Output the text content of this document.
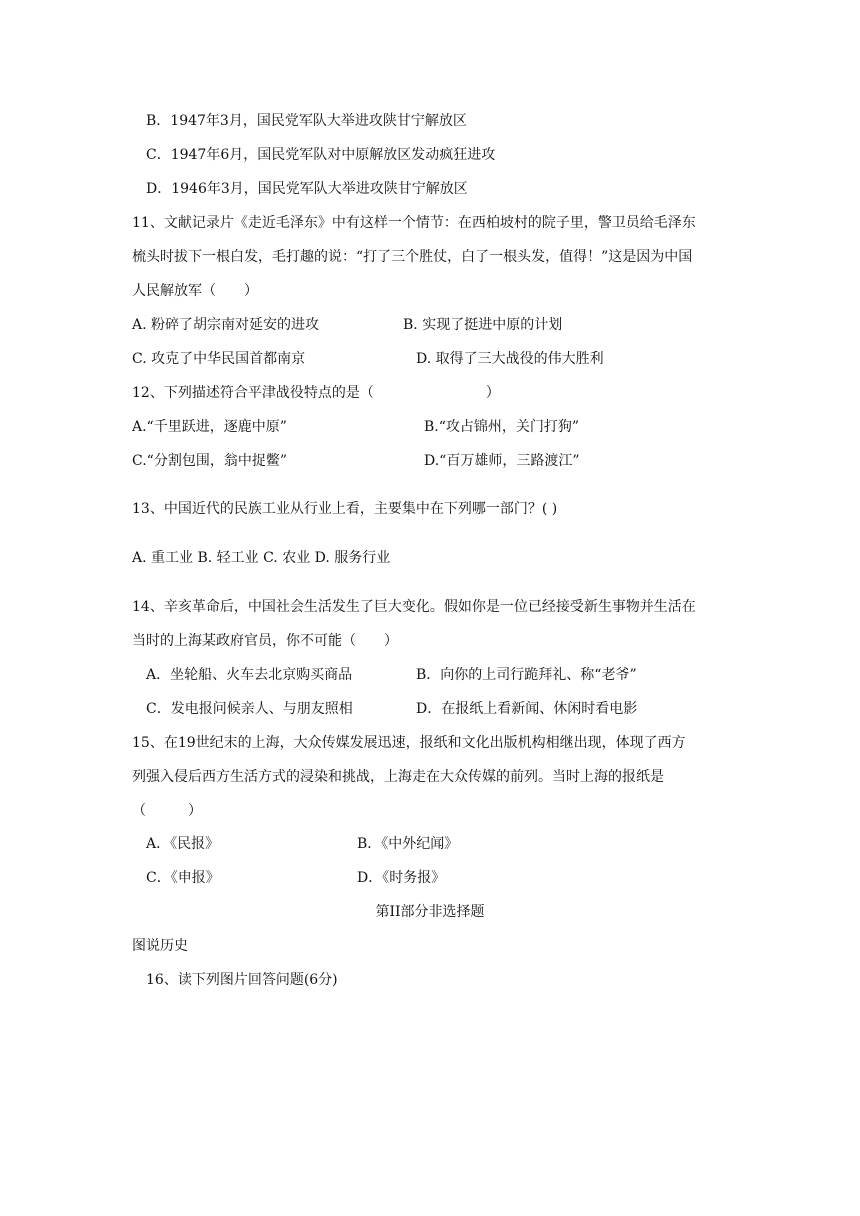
B．1947年3月，国民党军队大举进攻陕甘宁解放区
C．1947年6月，国民党军队对中原解放区发动疯狂进攻
D．1946年3月，国民党军队大举进攻陕甘宁解放区
11、文献记录片《走近毛泽东》中有这样一个情节：在西柏坡村的院子里，警卫员给毛泽东
梳头时拔下一根白发，毛打趣的说：“打了三个胜仗，白了一根头发，值得！”这是因为中国
人民解放军（　　）
A. 粉碎了胡宗南对延安的进攻	B. 实现了挺进中原的计划
C. 攻克了中华民国首都南京	D. 取得了三大战役的伟大胜利
12、下列描述符合平津战役特点的是（　　　　　　　　）
A.“千里跃进，逐鹿中原”	B.“攻占锦州，关门打狗”
C.“分割包围，翁中捉鳖”	D.“百万雄师，三路渡江”
13、中国近代的民族工业从行业上看，主要集中在下列哪一部门？( )
A. 重工业 B. 轻工业 C. 农业 D. 服务行业
14、辛亥革命后，中国社会生活发生了巨大变化。假如你是一位已经接受新生事物并生活在
当时的上海某政府官员，你不可能（　　）
A．坐轮船、火车去北京购买商品	B．向你的上司行跪拜礼、称“老爷”
C．发电报问候亲人、与朋友照相	D．在报纸上看新闻、休闲时看电影
15、在19世纪末的上海，大众传媒发展迅速，报纸和文化出版机构相继出现，体现了西方
列强入侵后西方生活方式的浸染和挑战，上海走在大众传媒的前列。当时上海的报纸是
（　　　）
A．《民报》	B．《中外纪闻》
C．《申报》	D．《时务报》
第II部分非选择题
图说历史
16、读下列图片回答问题(6分)
